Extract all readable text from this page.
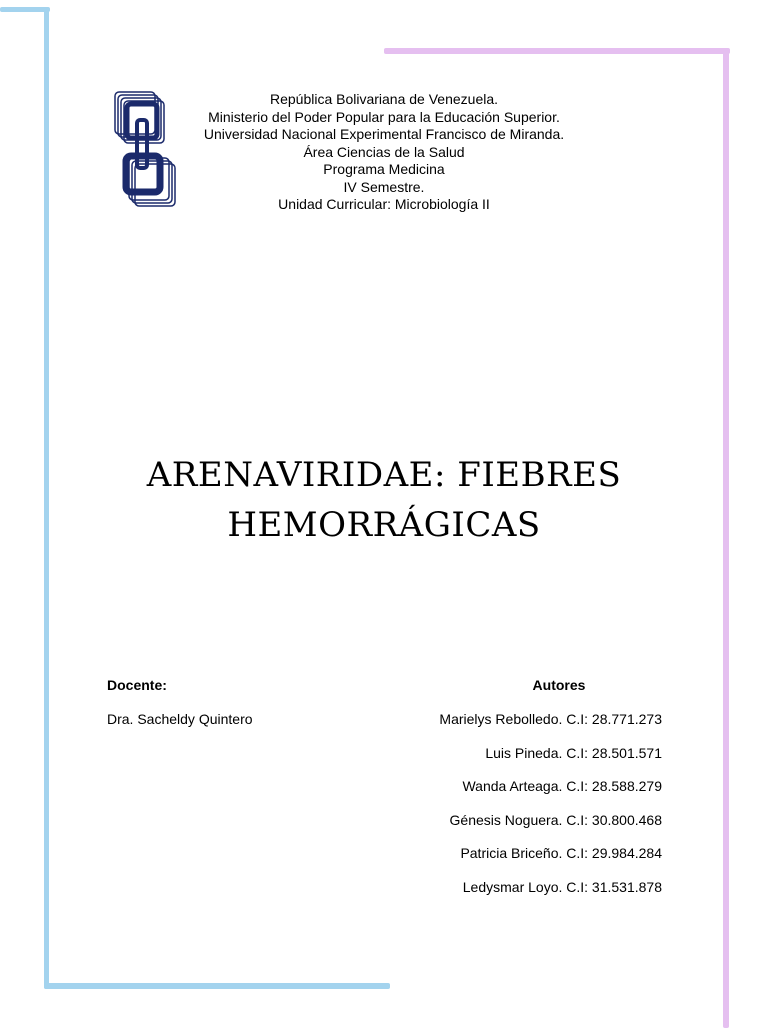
República Bolivariana de Venezuela.
Ministerio del Poder Popular para la Educación Superior.
Universidad Nacional Experimental Francisco de Miranda.
Área Ciencias de la Salud
Programa Medicina
IV Semestre.
Unidad Curricular: Microbiología II
ARENAVIRIDAE: FIEBRES
HEMORRÁGICAS
Docente:
Dra. Sacheldy Quintero
Autores
Marielys Rebolledo. C.I: 28.771.273
Luis Pineda. C.I: 28.501.571
Wanda Arteaga. C.I: 28.588.279
Génesis Noguera. C.I: 30.800.468
Patricia Briceño. C.I: 29.984.284
Ledysmar Loyo. C.I: 31.531.878
